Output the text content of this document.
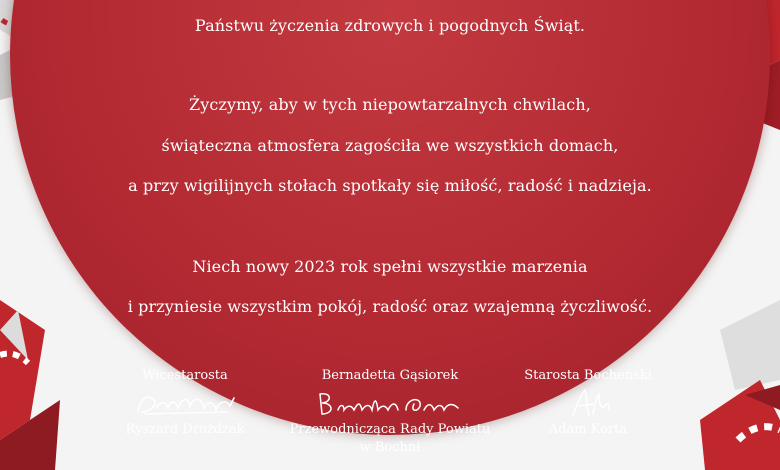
Państwu życzenia zdrowych i pogodnych Świąt.
Życzymy, aby w tych niepowtarzalnych chwilach,
świąteczna atmosfera zagościła we wszystkich domach,
a przy wigilijnych stołach spotkały się miłość, radość i nadzieja.
Niech nowy 2023 rok spełni wszystkie marzenia
i przyniesie wszystkim pokój, radość oraz wzajemną życzliwość.
Wicestarosta
Ryszard Drożdżak
Bernadetta Gąsiorek
Przewodnicząca Rady Powiatu
w Bochni
Starosta Bocheński
Adam Korta
